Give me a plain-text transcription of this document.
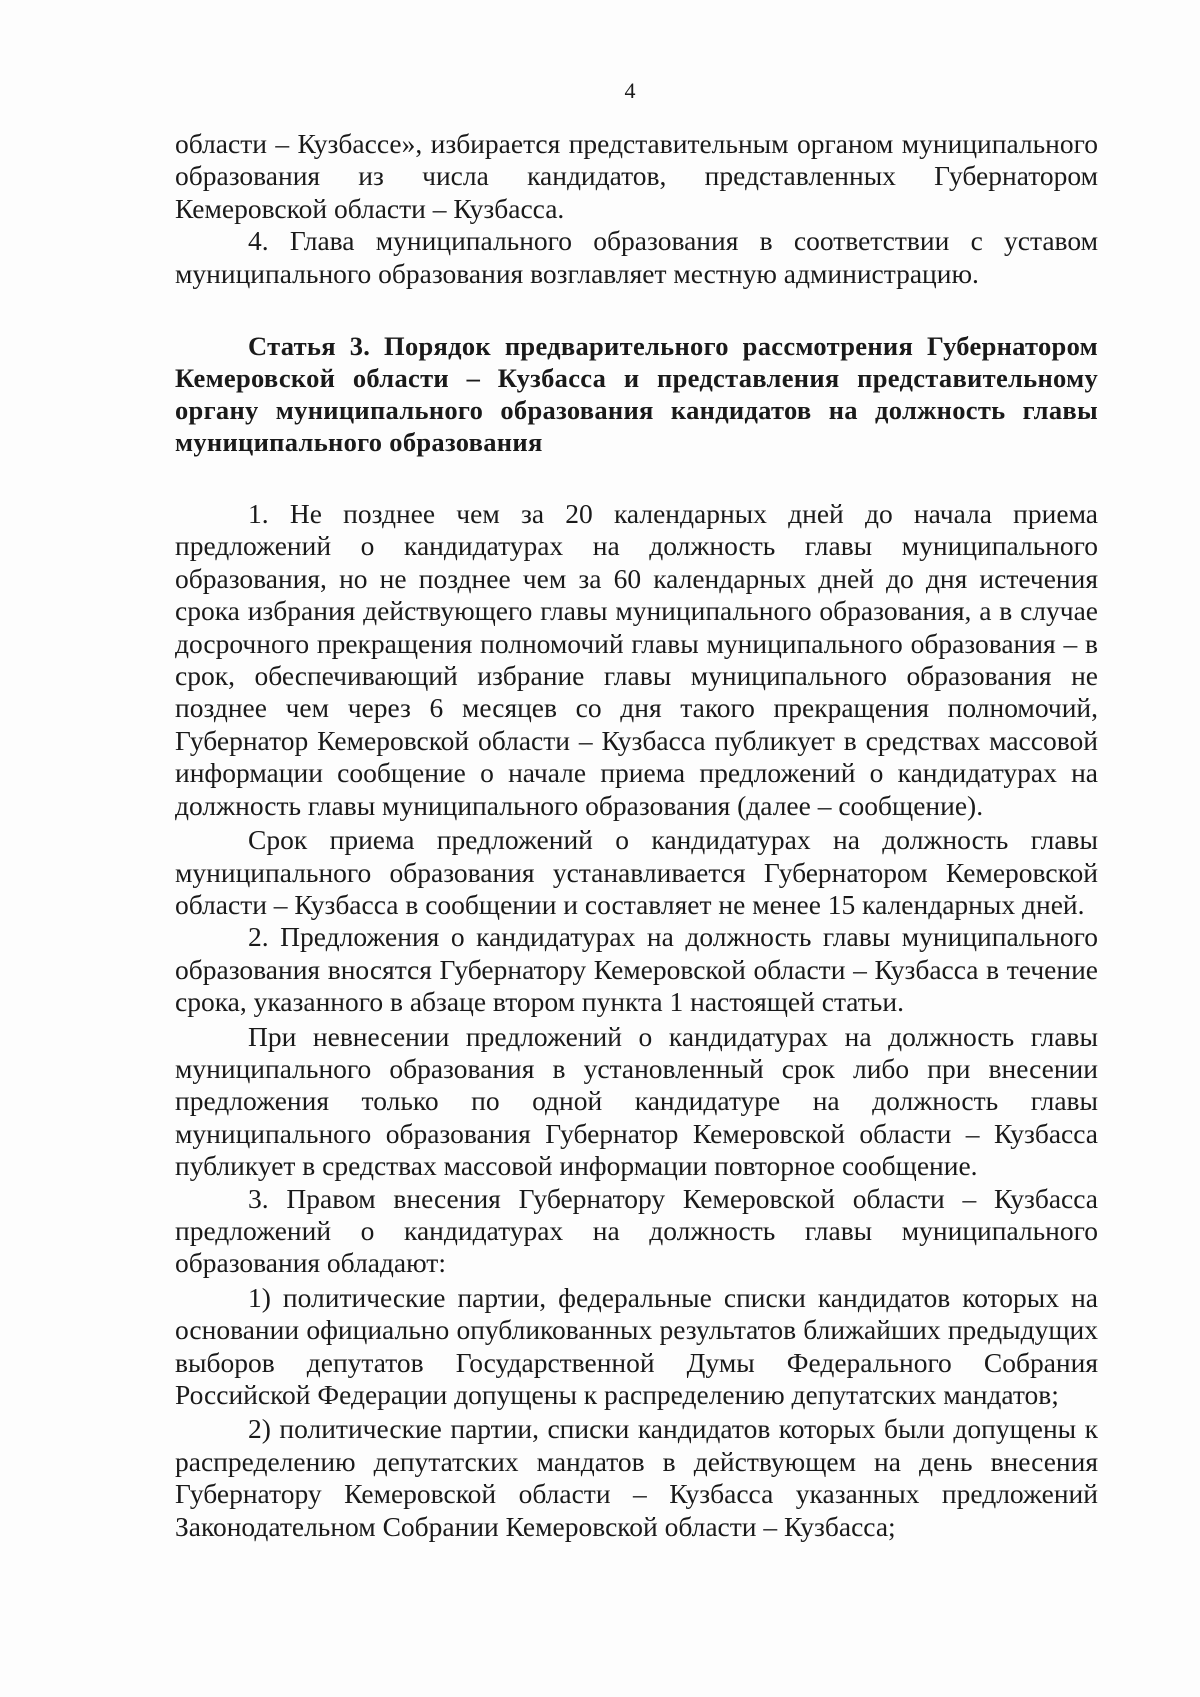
4

области – Кузбассе», избирается представительным органом муниципального образования из числа кандидатов, представленных Губернатором Кемеровской области – Кузбасса.

4. Глава муниципального образования в соответствии с уставом муниципального образования возглавляет местную администрацию.

Статья 3. Порядок предварительного рассмотрения Губернатором Кемеровской области – Кузбасса и представления представительному органу муниципального образования кандидатов на должность главы муниципального образования

1. Не позднее чем за 20 календарных дней до начала приема предложений о кандидатурах на должность главы муниципального образования, но не позднее чем за 60 календарных дней до дня истечения срока избрания действующего главы муниципального образования, а в случае досрочного прекращения полномочий главы муниципального образования – в срок, обеспечивающий избрание главы муниципального образования не позднее чем через 6 месяцев со дня такого прекращения полномочий, Губернатор Кемеровской области – Кузбасса публикует в средствах массовой информации сообщение о начале приема предложений о кандидатурах на должность главы муниципального образования (далее – сообщение).

Срок приема предложений о кандидатурах на должность главы муниципального образования устанавливается Губернатором Кемеровской области – Кузбасса в сообщении и составляет не менее 15 календарных дней.

2. Предложения о кандидатурах на должность главы муниципального образования вносятся Губернатору Кемеровской области – Кузбасса в течение срока, указанного в абзаце втором пункта 1 настоящей статьи.

При невнесении предложений о кандидатурах на должность главы муниципального образования в установленный срок либо при внесении предложения только по одной кандидатуре на должность главы муниципального образования Губернатор Кемеровской области – Кузбасса публикует в средствах массовой информации повторное сообщение.

3. Правом внесения Губернатору Кемеровской области – Кузбасса предложений о кандидатурах на должность главы муниципального образования обладают:

1) политические партии, федеральные списки кандидатов которых на основании официально опубликованных результатов ближайших предыдущих выборов депутатов Государственной Думы Федерального Собрания Российской Федерации допущены к распределению депутатских мандатов;

2) политические партии, списки кандидатов которых были допущены к распределению депутатских мандатов в действующем на день внесения Губернатору Кемеровской области – Кузбасса указанных предложений Законодательном Собрании Кемеровской области – Кузбасса;
